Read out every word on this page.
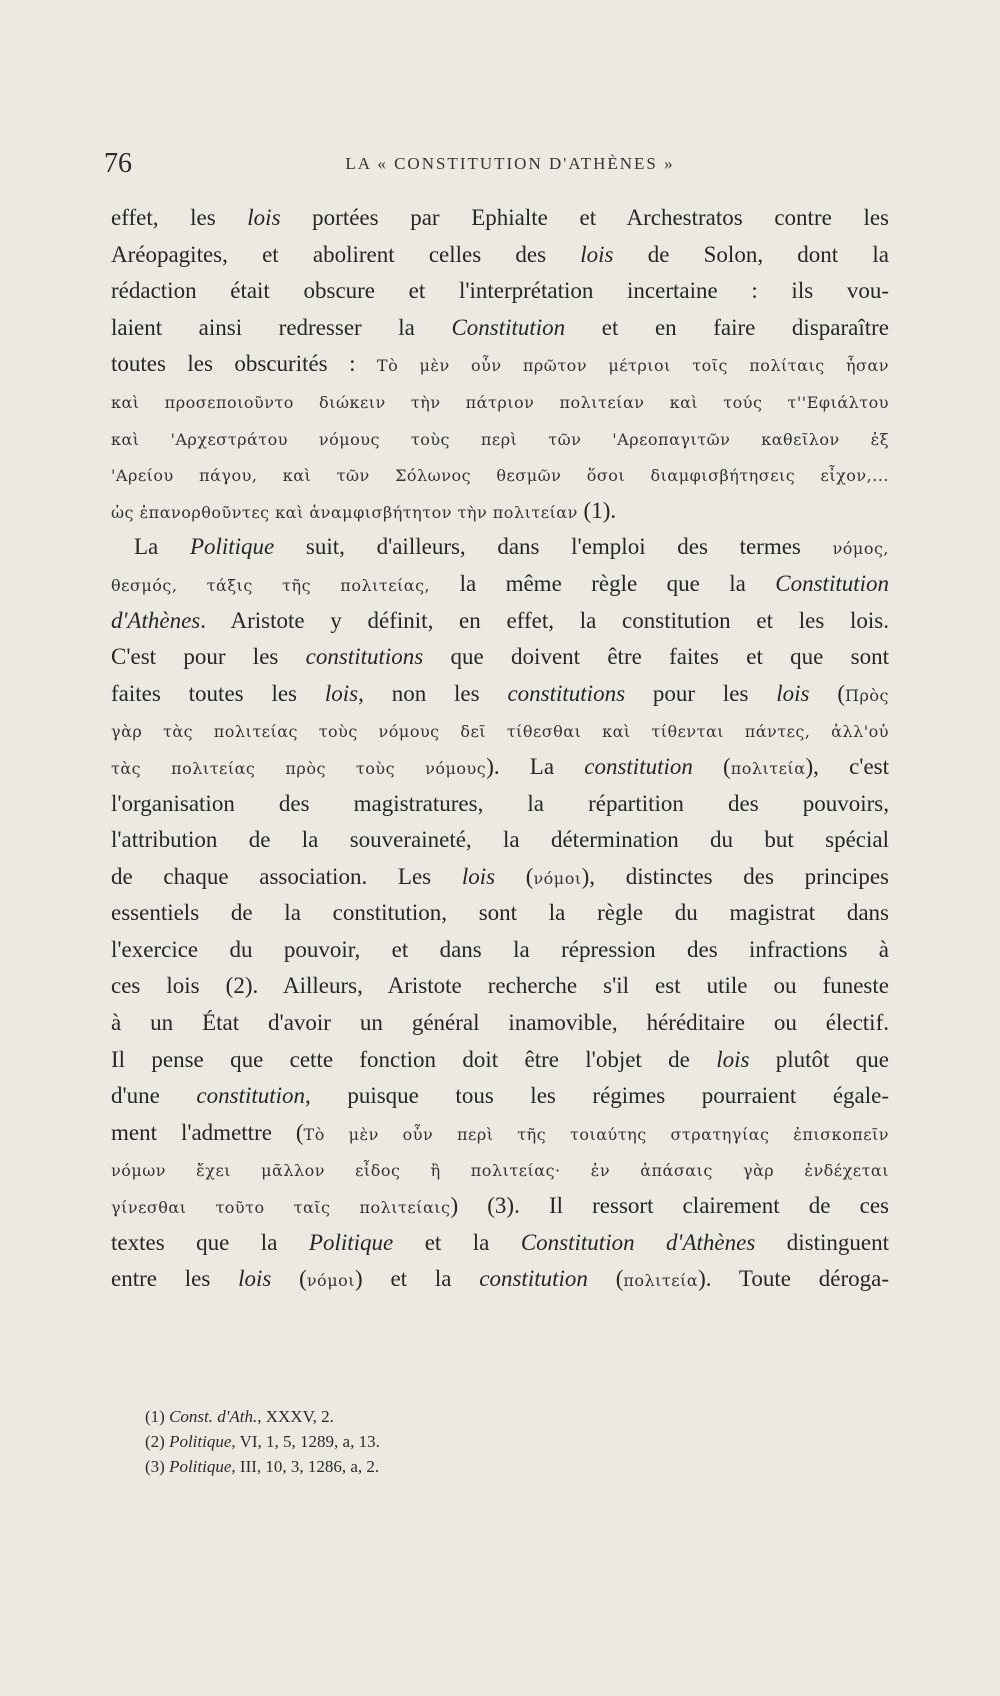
76	LA « CONSTITUTION D'ATHÈNES »
effet, les lois portées par Ephialte et Archestratos contre les
Aréopagites, et abolirent celles des lois de Solon, dont la
rédaction était obscure et l'interprétation incertaine : ils vou-
laient ainsi redresser la Constitution et en faire disparaître
toutes les obscurités : Τὸ μὲν οὖν πρῶτον μέτριοι τοῖς πολίταις ἦσαν
καὶ προσεποιοῦντο διώκειν τὴν πάτριον πολιτείαν καὶ τούς τ''Εφιάλτου
καὶ 'Αρχεστράτου νόμους τοὺς περὶ τῶν 'Αρεοπαγιτῶν καθεῖλον ἐξ
'Αρείου πάγου, καὶ τῶν Σόλωνος θεσμῶν ὅσοι διαμφισβήτησεις εἶχον,...
ὡς ἐπανορθοῦντες καὶ ἀναμφισβήτητον τὴν πολιτείαν (1).
 La Politique suit, d'ailleurs, dans l'emploi des termes νόμος,
θεσμός, τάξις τῆς πολιτείας, la même règle que la Constitution
d'Athènes. Aristote y définit, en effet, la constitution et les lois.
C'est pour les constitutions que doivent être faites et que sont
faites toutes les lois, non les constitutions pour les lois (Πρὸς
γὰρ τὰς πολιτείας τοὺς νόμους δεῖ τίθεσθαι καὶ τίθενται πάντες, ἀλλ'οὐ
τὰς πολιτείας πρὸς τοὺς νόμους). La constitution (πολιτεία), c'est
l'organisation des magistratures, la répartition des pouvoirs,
l'attribution de la souveraineté, la détermination du but spécial
de chaque association. Les lois (νόμοι), distinctes des principes
essentiels de la constitution, sont la règle du magistrat dans
l'exercice du pouvoir, et dans la répression des infractions à
ces lois (2). Ailleurs, Aristote recherche s'il est utile ou funeste
à un État d'avoir un général inamovible, héréditaire ou électif.
Il pense que cette fonction doit être l'objet de lois plutôt que
d'une constitution, puisque tous les régimes pourraient égale-
ment l'admettre (Τὸ μὲν οὖν περὶ τῆς τοιαύτης στρατηγίας ἐπισκοπεῖν
νόμων ἔχει μᾶλλον εἶδος ἢ πολιτείας· ἐν ἁπάσαις γὰρ ἐνδέχεται
γίνεσθαι τοῦτο ταῖς πολιτείαις) (3). Il ressort clairement de ces
textes que la Politique et la Constitution d'Athènes distinguent
entre les lois (νόμοι) et la constitution (πολιτεία). Toute déroga-
(1) Const. d'Ath., XXXV, 2.
(2) Politique, VI, 1, 5, 1289, a, 13.
(3) Politique, III, 10, 3, 1286, a, 2.
